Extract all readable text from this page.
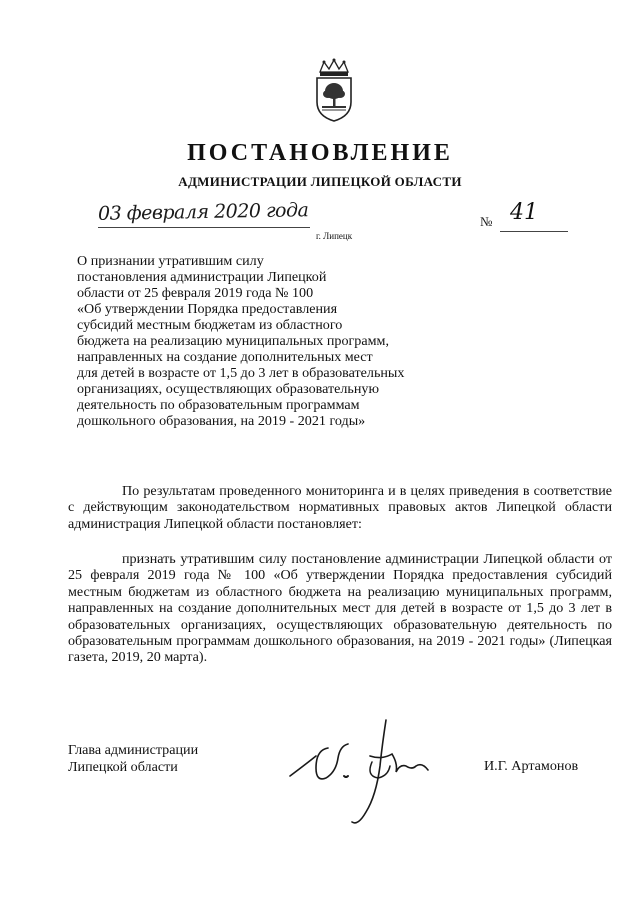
ПОСТАНОВЛЕНИЕ
АДМИНИСТРАЦИИ ЛИПЕЦКОЙ ОБЛАСТИ
03 февраля 2020 года
г. Липецк
№ 41
О признании утратившим силу
постановления администрации Липецкой
области от 25 февраля 2019 года № 100
«Об утверждении Порядка предоставления
субсидий местным бюджетам из областного
бюджета на реализацию муниципальных программ,
направленных на создание дополнительных мест
для детей в возрасте от 1,5 до 3 лет в образовательных
организациях, осуществляющих образовательную
деятельность по образовательным программам
дошкольного образования, на 2019 - 2021 годы»
По результатам проведенного мониторинга и в целях приведения в соответствие с действующим законодательством нормативных правовых актов Липецкой области администрация Липецкой области постановляет:
признать утратившим силу постановление администрации Липецкой области от 25 февраля 2019 года № 100 «Об утверждении Порядка предоставления субсидий местным бюджетам из областного бюджета на реализацию муниципальных программ, направленных на создание дополнительных мест для детей в возрасте от 1,5 до 3 лет в образовательных организациях, осуществляющих образовательную деятельность по образовательным программам дошкольного образования, на 2019 - 2021 годы» (Липецкая газета, 2019, 20 марта).
Глава администрации
Липецкой области	И.Г. Артамонов
